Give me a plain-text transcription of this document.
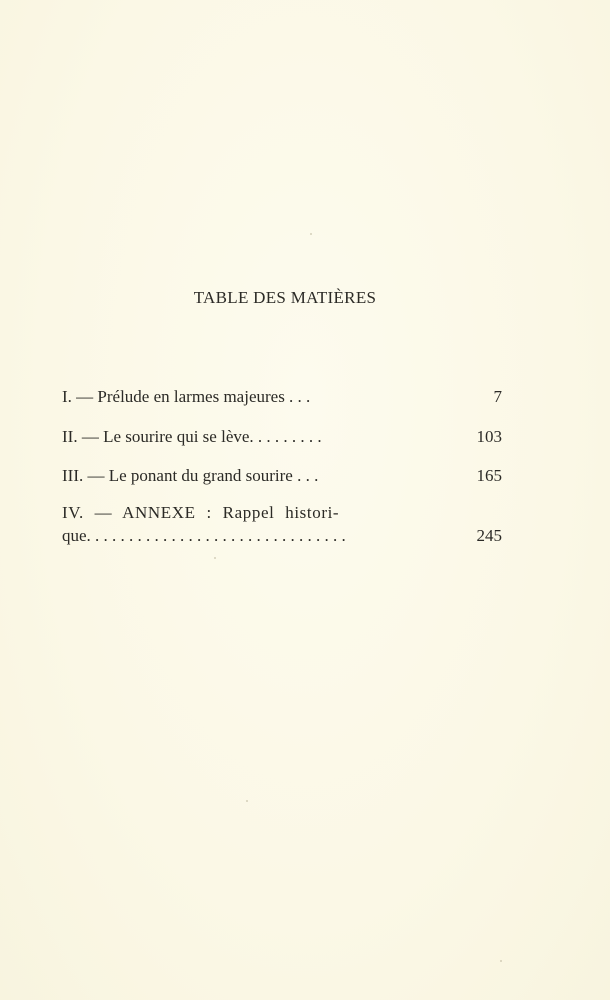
TABLE DES MATIÈRES
I. — Prélude en larmes majeures . . .	7
II. — Le sourire qui se lève. . . . . . . . .	103
III. — Le ponant du grand sourire . . .	165
IV. — ANNEXE : Rappel histori-
que. . . . . . . . . . . . . . . . . . . . . . . . . . . . . . .	245
